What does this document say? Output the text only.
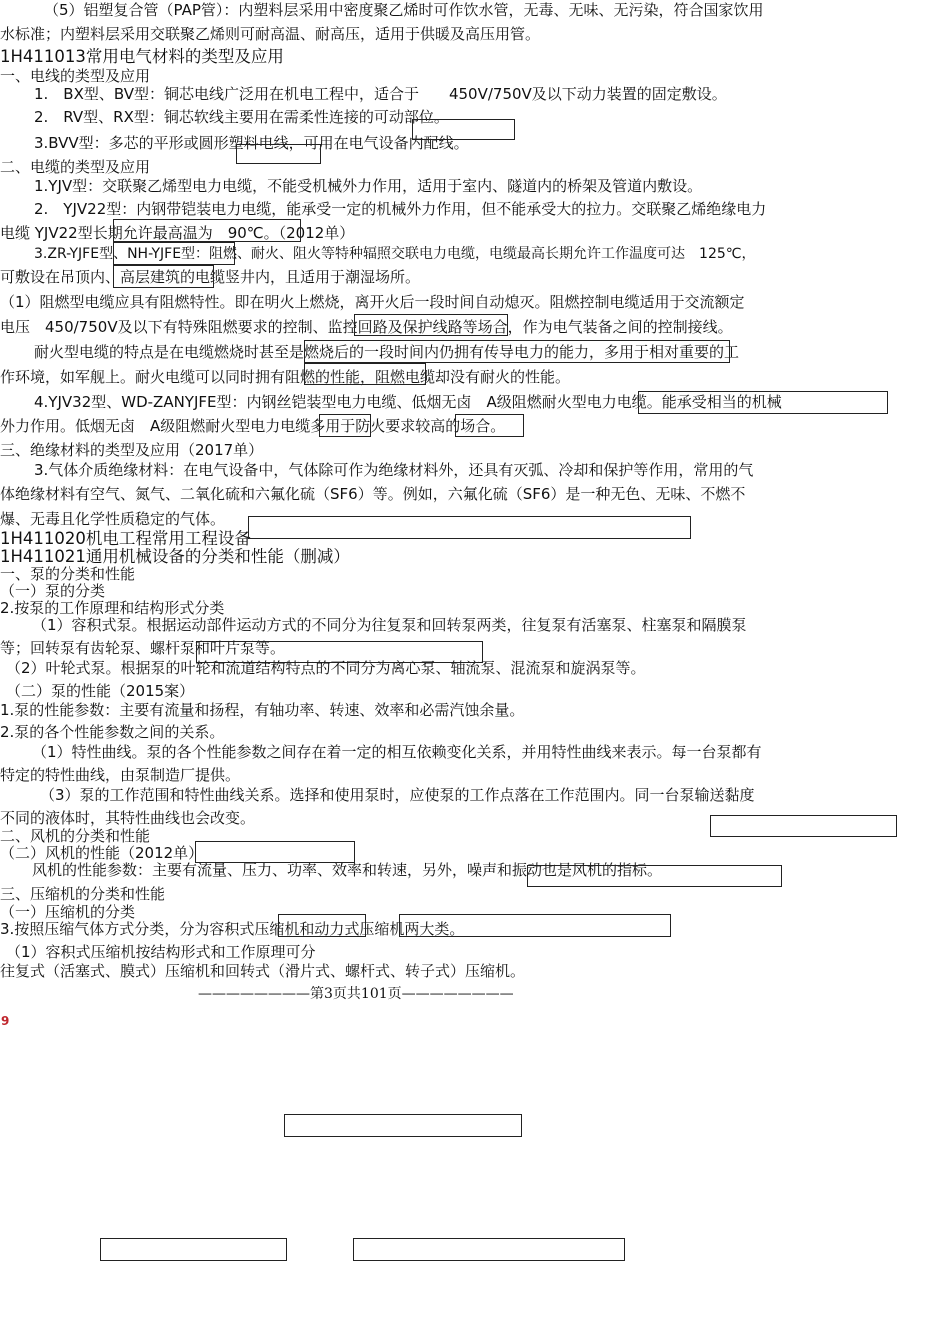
（5）铝塑复合管（PAP管）：内塑料层采用中密度聚乙烯时可作饮水管，无毒、无味、无污染，符合国家饮用
水标准；内塑料层采用交联聚乙烯则可耐高温、耐高压，适用于供暖及高压用管。
1H411013常用电气材料的类型及应用
一、电线的类型及应用
1.　BX型、BV型：铜芯电线广泛用在机电工程中，适合于　　450V/750V及以下动力装置的固定敷设。
2.　RV型、RX型：铜芯软线主要用在需柔性连接的可动部位。
3.BVV型：多芯的平形或圆形塑料电线，可用在电气设备内配线。
二、电缆的类型及应用
1.YJV型：交联聚乙烯型电力电缆，不能受机械外力作用，适用于室内、隧道内的桥架及管道内敷设。
2.　YJV22型：内钢带铠装电力电缆，能承受一定的机械外力作用，但不能承受大的拉力。交联聚乙烯绝缘电力
电缆 YJV22型长期允许最高温为　90℃。（2012单）
3.ZR-YJFE型、NH-YJFE型：阻燃、耐火、阻火等特种辐照交联电力电缆，电缆最高长期允许工作温度可达　125℃，
可敷设在吊顶内、高层建筑的电缆竖井内，且适用于潮湿场所。
（1）阻燃型电缆应具有阻燃特性。即在明火上燃烧，离开火后一段时间自动熄灭。阻燃控制电缆适用于交流额定
电压　450/750V及以下有特殊阻燃要求的控制、监控回路及保护线路等场合，作为电气装备之间的控制接线。
耐火型电缆的特点是在电缆燃烧时甚至是燃烧后的一段时间内仍拥有传导电力的能力，多用于相对重要的工
作环境，如军舰上。耐火电缆可以同时拥有阻燃的性能，阻燃电缆却没有耐火的性能。
4.YJV32型、WD-ZANYJFE型：内钢丝铠装型电力电缆、低烟无卤　A级阻燃耐火型电力电缆。能承受相当的机械
外力作用。低烟无卤　A级阻燃耐火型电力电缆多用于防火要求较高的场合。
三、绝缘材料的类型及应用（2017单）
3.气体介质绝缘材料：在电气设备中，气体除可作为绝缘材料外，还具有灭弧、冷却和保护等作用，常用的气
体绝缘材料有空气、氮气、二氧化硫和六氟化硫（SF6）等。例如，六氟化硫（SF6）是一种无色、无味、不燃不
爆、无毒且化学性质稳定的气体。
1H411020机电工程常用工程设备
1H411021通用机械设备的分类和性能（删减）
一、泵的分类和性能
（一）泵的分类
2.按泵的工作原理和结构形式分类
（1）容积式泵。根据运动部件运动方式的不同分为往复泵和回转泵两类，往复泵有活塞泵、柱塞泵和隔膜泵
等；回转泵有齿轮泵、螺杆泵和叶片泵等。
（2）叶轮式泵。根据泵的叶轮和流道结构特点的不同分为离心泵、轴流泵、混流泵和旋涡泵等。
（二）泵的性能（2015案）
1.泵的性能参数：主要有流量和扬程，有轴功率、转速、效率和必需汽蚀余量。
2.泵的各个性能参数之间的关系。
（1）特性曲线。泵的各个性能参数之间存在着一定的相互依赖变化关系，并用特性曲线来表示。每一台泵都有
特定的特性曲线，由泵制造厂提供。
（3）泵的工作范围和特性曲线关系。选择和使用泵时，应使泵的工作点落在工作范围内。同一台泵输送黏度
不同的液体时，其特性曲线也会改变。
二、风机的分类和性能
（二）风机的性能（2012单）
风机的性能参数：主要有流量、压力、功率、效率和转速，另外，噪声和振动也是风机的指标。
三、压缩机的分类和性能
（一）压缩机的分类
3.按照压缩气体方式分类，分为容积式压缩机和动力式压缩机两大类。
（1）容积式压缩机按结构形式和工作原理可分
往复式（活塞式、膜式）压缩机和回转式（滑片式、螺杆式、转子式）压缩机。
————————第3页共101页————————
9
